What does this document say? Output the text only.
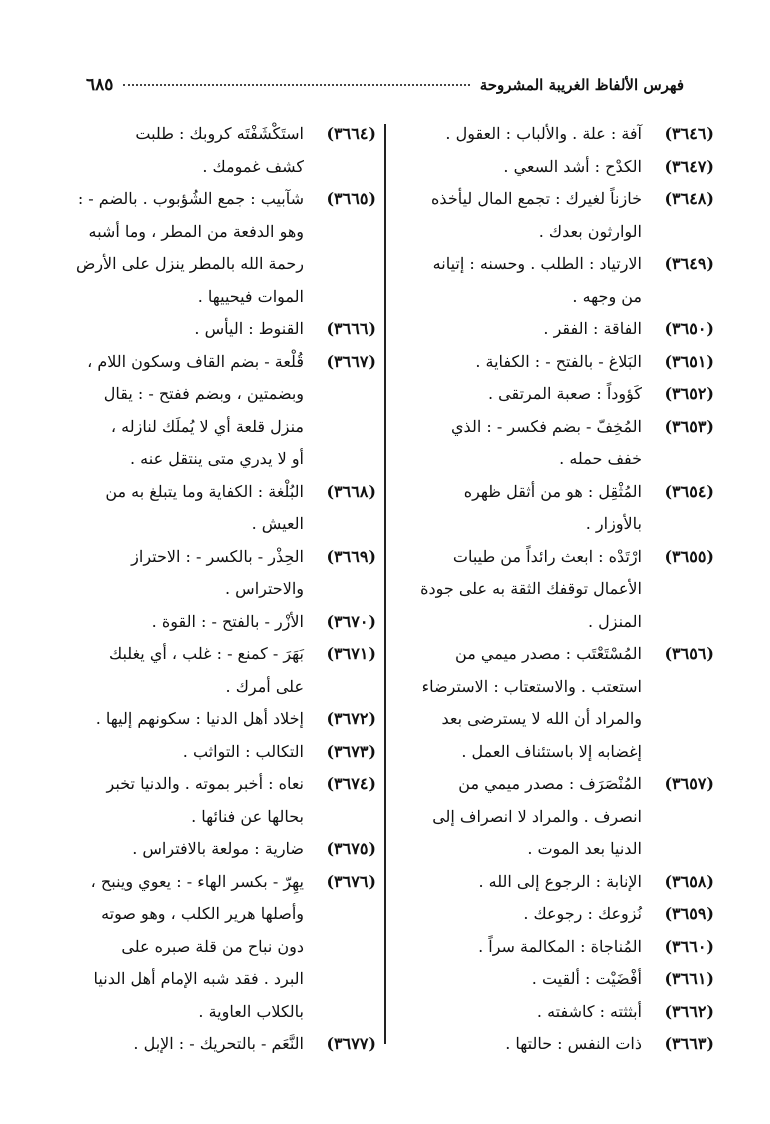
فهرس الألفاظ الغريبة المشروحة
٦٨٥
(٣٦٤٦)
آفة : علة . والألباب : العقول .
(٣٦٤٧)
الكدْح : أشد السعي .
(٣٦٤٨)
خازناً لغيرك : تجمع المال ليأخذه
الوارثون بعدك .
(٣٦٤٩)
الارتياد : الطلب . وحسنه : إتيانه
من وجهه .
(٣٦٥٠)
الفاقة : الفقر .
(٣٦٥١)
البَلاغ - بالفتح - : الكفاية .
(٣٦٥٢)
كَؤوداً : صعبة المرتقى .
(٣٦٥٣)
المُخِفّ - بضم فكسر - : الذي
خفف حمله .
(٣٦٥٤)
المُثْقِل : هو من أثقل ظهره
بالأوزار .
(٣٦٥٥)
ارْتَدْه : ابعث رائداً من طيبات
الأعمال توقفك الثقة به على جودة
المنزل .
(٣٦٥٦)
المُسْتَعْتَب : مصدر ميمي من
استعتب . والاستعتاب : الاسترضاء
والمراد أن الله لا يسترضى بعد
إغضابه إلا باستئناف العمل .
(٣٦٥٧)
المُنْصَرَف : مصدر ميمي من
انصرف . والمراد لا انصراف إلى
الدنيا بعد الموت .
(٣٦٥٨)
الإنابة : الرجوع إلى الله .
(٣٦٥٩)
نُزوعك : رجوعك .
(٣٦٦٠)
المُناجاة : المكالمة سراً .
(٣٦٦١)
أفْضَيْت : ألقيت .
(٣٦٦٢)
أبثثته : كاشفته .
(٣٦٦٣)
ذات النفس : حالتها .
(٣٦٦٤)
استَكْشَفْتَه كروبك : طلبت
كشف غمومك .
(٣٦٦٥)
شآبيب : جمع الشُؤبوب . بالضم - :
وهو الدفعة من المطر ، وما أشبه
رحمة الله بالمطر ينزل على الأرض
الموات فيحييها .
(٣٦٦٦)
القنوط : اليأس .
(٣٦٦٧)
قُلْعة - بضم القاف وسكون اللام ،
وبضمتين ، وبضم ففتح - : يقال
منزل قلعة أي لا يُملَك لنازله ،
أو لا يدري متى ينتقل عنه .
(٣٦٦٨)
البُلْغة : الكفاية وما يتبلغ به من
العيش .
(٣٦٦٩)
الحِذْر - بالكسر - : الاحتراز
والاحتراس .
(٣٦٧٠)
الأزْر - بالفتح - : القوة .
(٣٦٧١)
بَهَرَ - كمنع - : غلب ، أي يغلبك
على أمرك .
(٣٦٧٢)
إخلاد أهل الدنيا : سكونهم إليها .
(٣٦٧٣)
التكالب : التواثب .
(٣٦٧٤)
نعاه : أخبر بموته . والدنيا تخبر
بحالها عن فنائها .
(٣٦٧٥)
ضارية : مولعة بالافتراس .
(٣٦٧٦)
يهِرّ - بكسر الهاء - : يعوي وينبح ،
وأصلها هرير الكلب ، وهو صوته
دون نباح من قلة صبره على
البرد . فقد شبه الإمام أهل الدنيا
بالكلاب العاوية .
(٣٦٧٧)
النَّعَم - بالتحريك - : الإبل .
